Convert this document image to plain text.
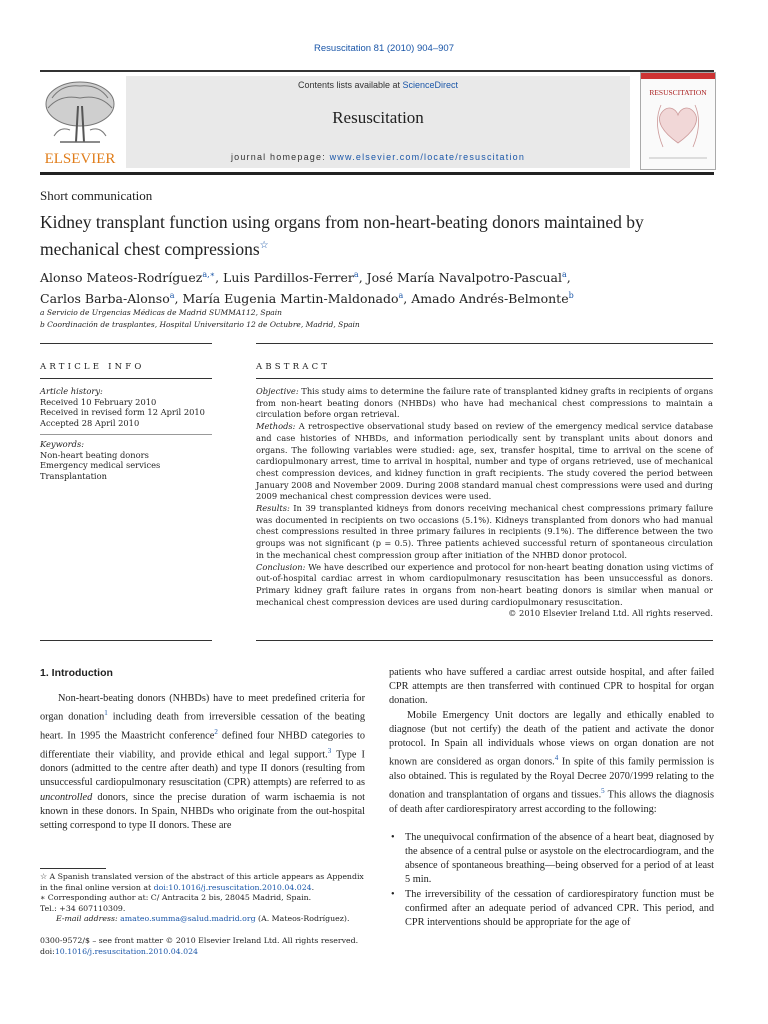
Resuscitation 81 (2010) 904–907
ELSEVIER
Contents lists available at ScienceDirect
Resuscitation
journal homepage: www.elsevier.com/locate/resuscitation
RESUSCITATION
Short communication
Kidney transplant function using organs from non-heart-beating donors maintained by mechanical chest compressions☆
Alonso Mateos-Rodríguez$^{a,∗}$, Luis Pardillos-Ferrer$^a$, José María Navalpotro-Pascual$^a$,
Carlos Barba-Alonso$^a$, María Eugenia Martin-Maldonado$^a$, Amado Andrés-Belmonte$^b$
a Servicio de Urgencias Médicas de Madrid SUMMA112, Spain
b Coordinación de trasplantes, Hospital Universitario 12 de Octubre, Madrid, Spain
ARTICLE INFO	ABSTRACT
Article history:
Received 10 February 2010
Received in revised form 12 April 2010
Accepted 28 April 2010
Keywords:
Non-heart beating donors
Emergency medical services
Transplantation
Objective: This study aims to determine the failure rate of transplanted kidney grafts in recipients of organs from non-heart beating donors (NHBDs) who have had mechanical chest compressions to maintain a circulation before organ retrieval.
Methods: A retrospective observational study based on review of the emergency medical service database and case histories of NHBDs, and information periodically sent by transplant units about donors and organs. The following variables were studied: age, sex, transfer hospital, time to arrival on the scene of cardiopulmonary arrest, time to arrival in hospital, number and type of organs retrieved, use of mechanical chest compression devices, and kidney function in graft recipients. The study covered the period between January 2008 and November 2009. During 2008 standard manual chest compressions were used and during 2009 mechanical chest compression devices were used.
Results: In 39 transplanted kidneys from donors receiving mechanical chest compressions primary failure was documented in recipients on two occasions (5.1%). Kidneys transplanted from donors who had manual chest compressions resulted in three primary failures in recipients (9.1%). The difference between the two groups was not significant (p = 0.5). Three patients achieved successful return of spontaneous circulation in the mechanical chest compression group after initiation of the NHBD donor protocol.
Conclusion: We have described our experience and protocol for non-heart beating donation using victims of out-of-hospital cardiac arrest in whom cardiopulmonary resuscitation has been unsuccessful as donors. Primary kidney graft failure rates in organs from non-heart beating donors is similar when manual or mechanical chest compression devices are used during cardiopulmonary resuscitation.
© 2010 Elsevier Ireland Ltd. All rights reserved.
1. Introduction

Non-heart-beating donors (NHBDs) have to meet predefined criteria for organ donation$^1$ including death from irreversible cessation of the beating heart. In 1995 the Maastricht conference$^2$ defined four NHBD categories to differentiate their viability, and provide ethical and legal support.$^3$ Type I donors (admitted to the centre after death) and type II donors (resulting from unsuccessful cardiopulmonary resuscitation (CPR) attempts) are referred to as uncontrolled donors, since the precise duration of warm ischaemia is not known in these donors. In Spain, NHBDs who originate from the out-hospital setting correspond to type II donors. These are

☆ A Spanish translated version of the abstract of this article appears as Appendix in the final online version at doi:10.1016/j.resuscitation.2010.04.024.
∗ Corresponding author at: C/ Antracita 2 bis, 28045 Madrid, Spain.
Tel.: +34 607110309.
E-mail address: amateo.summa@salud.madrid.org (A. Mateos-Rodríguez).
0300-9572/$ – see front matter © 2010 Elsevier Ireland Ltd. All rights reserved.
doi:10.1016/j.resuscitation.2010.04.024

patients who have suffered a cardiac arrest outside hospital, and after failed CPR attempts are then transferred with continued CPR to hospital for organ donation.

Mobile Emergency Unit doctors are legally and ethically enabled to diagnose (but not certify) the death of the patient and activate the donor protocol. In Spain all individuals whose views on organ donation are not known are considered as organ donors.$^4$ In spite of this family permission is also obtained. This is regulated by the Royal Decree 2070/1999 relating to the donation and transplantation of organs and tissues.$^5$ This allows the diagnosis of death after cardiorespiratory arrest according to the following:

• The unequivocal confirmation of the absence of a heart beat, diagnosed by the absence of a central pulse or asystole on the electrocardiogram, and the absence of spontaneous breathing—being observed for a period of at least 5 min.
• The irreversibility of the cessation of cardiorespiratory function must be confirmed after an adequate period of advanced CPR. This period, and CPR interventions should be appropriate for the age of
